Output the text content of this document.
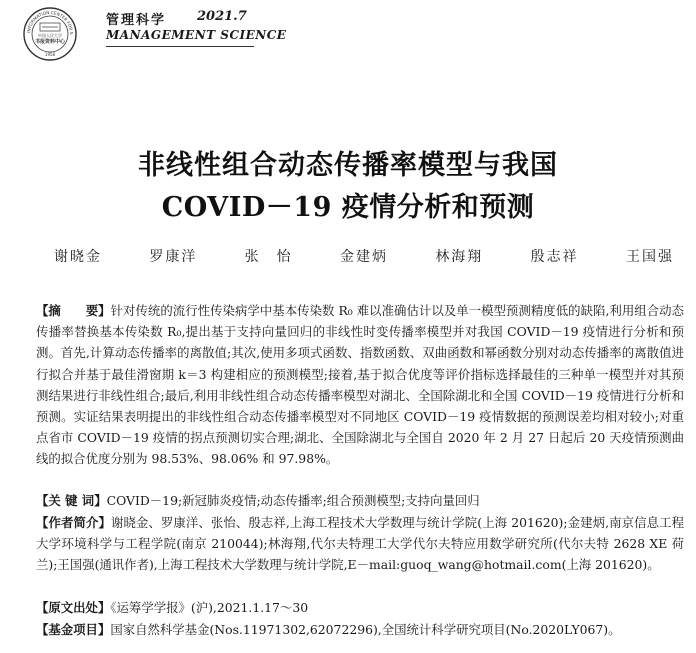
INFORMATION CENTER FOR S
中国人民大学
书报资料中心
1958
管理科学 2021.7
MANAGEMENT SCIENCE
非线性组合动态传播率模型与我国
COVID－19 疫情分析和预测
谢晓金	罗康洋	张　怡	金建炳	林海翔	殷志祥	王国强
【摘　　要】针对传统的流行性传染病学中基本传染数 R₀ 难以准确估计以及单一模型预测精度低的缺陷,利用组合动态传播率替换基本传染数 R₀,提出基于支持向量回归的非线性时变传播率模型并对我国 COVID－19 疫情进行分析和预测。首先,计算动态传播率的离散值;其次,使用多项式函数、指数函数、双曲函数和幂函数分别对动态传播率的离散值进行拟合并基于最佳滑窗期 k＝3 构建相应的预测模型;接着,基于拟合优度等评价指标选择最佳的三种单一模型并对其预测结果进行非线性组合;最后,利用非线性组合动态传播率模型对湖北、全国除湖北和全国 COVID－19 疫情进行分析和预测。实证结果表明提出的非线性组合动态传播率模型对不同地区 COVID－19 疫情数据的预测误差均相对较小;对重点省市 COVID－19 疫情的拐点预测切实合理;湖北、全国除湖北与全国自 2020 年 2 月 27 日起后 20 天疫情预测曲线的拟合优度分别为 98.53%、98.06% 和 97.98%。
【关 键 词】COVID－19;新冠肺炎疫情;动态传播率;组合预测模型;支持向量回归
【作者简介】谢晓金、罗康洋、张怡、殷志祥,上海工程技术大学数理与统计学院(上海 201620);金建炳,南京信息工程大学环境科学与工程学院(南京 210044);林海翔,代尔夫特理工大学代尔夫特应用数学研究所(代尔夫特 2628 XE 荷兰);王国强(通讯作者),上海工程技术大学数理与统计学院,E－mail:guoq_wang@hotmail.com(上海 201620)。
【原文出处】《运筹学学报》(沪),2021.1.17～30
【基金项目】国家自然科学基金(Nos.11971302,62072296),全国统计科学研究项目(No.2020LY067)。
